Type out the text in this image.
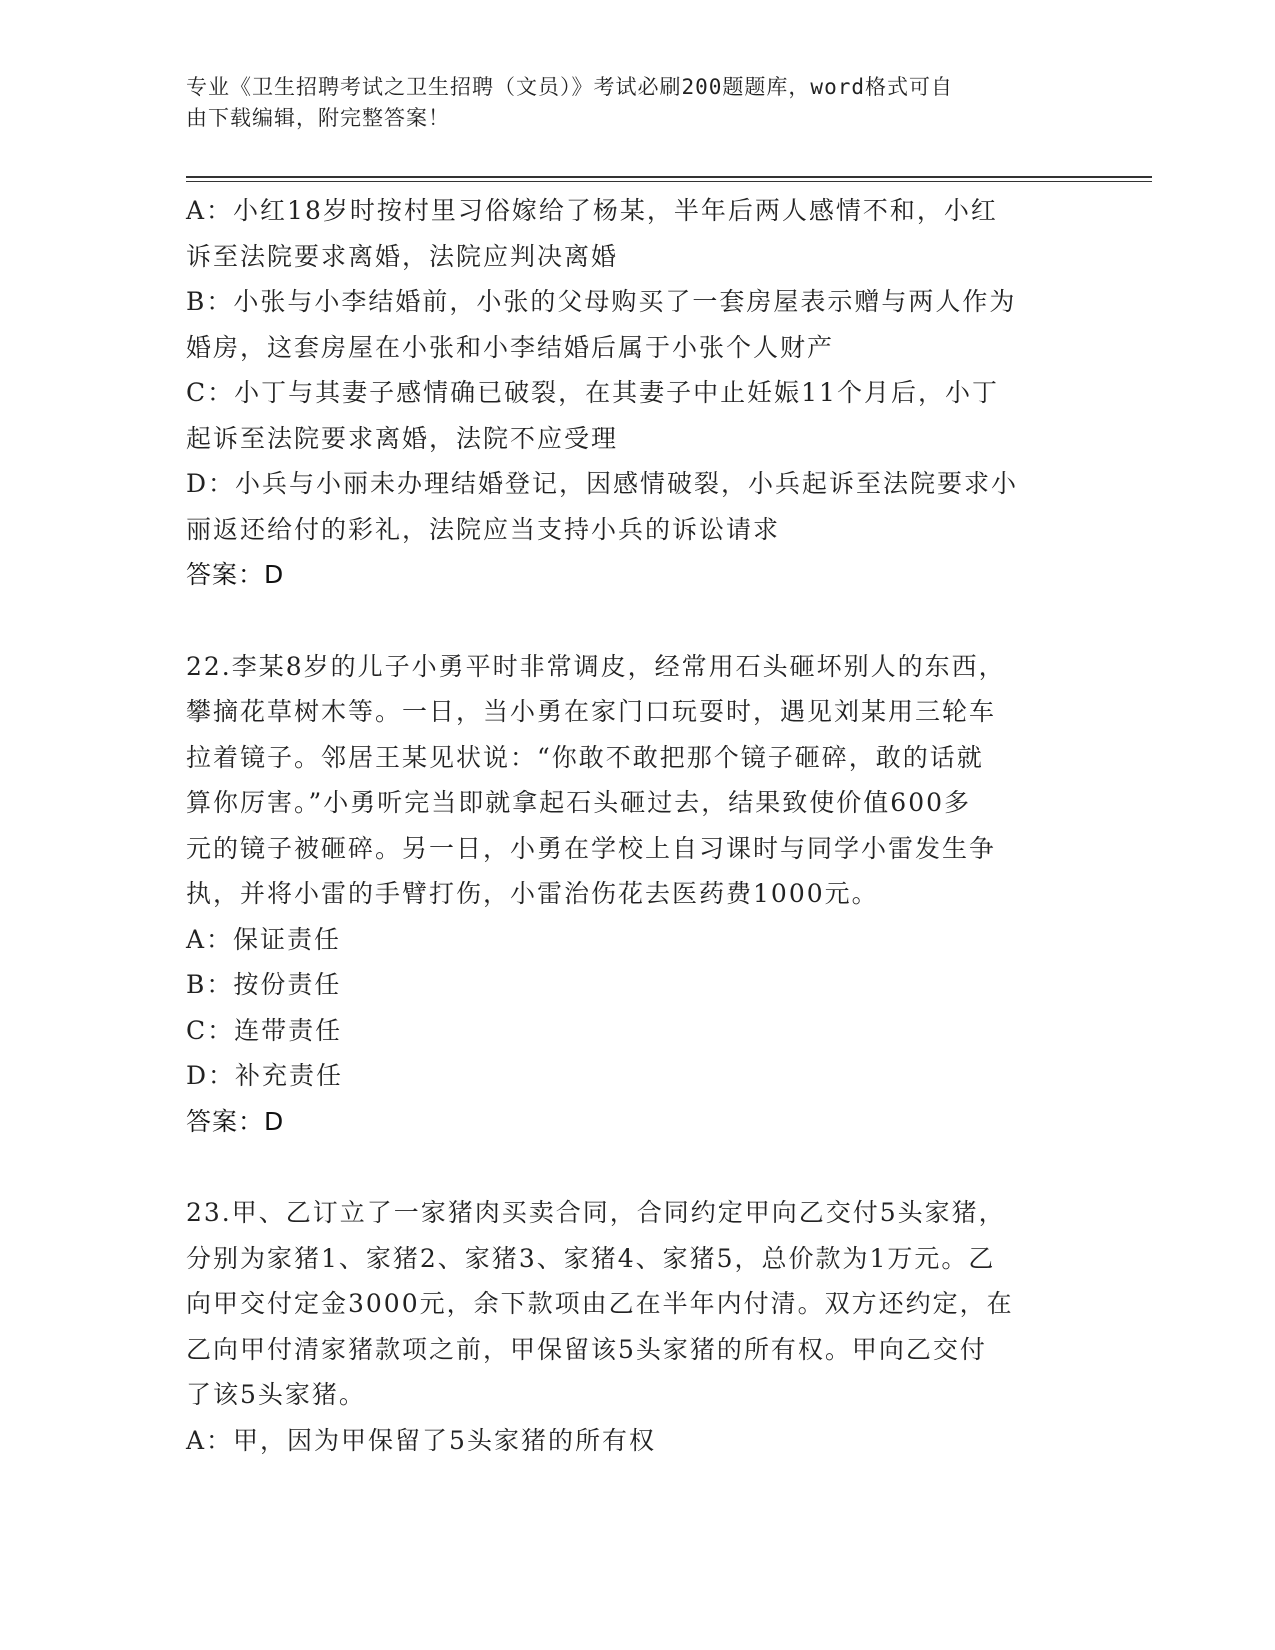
专业《卫生招聘考试之卫生招聘（文员）》考试必刷200题题库，word格式可自
由下载编辑，附完整答案！
A：小红18岁时按村里习俗嫁给了杨某，半年后两人感情不和，小红
诉至法院要求离婚，法院应判决离婚
B：小张与小李结婚前，小张的父母购买了一套房屋表示赠与两人作为
婚房，这套房屋在小张和小李结婚后属于小张个人财产
C：小丁与其妻子感情确已破裂，在其妻子中止妊娠11个月后，小丁
起诉至法院要求离婚，法院不应受理
D：小兵与小丽未办理结婚登记，因感情破裂，小兵起诉至法院要求小
丽返还给付的彩礼，法院应当支持小兵的诉讼请求
答案：D
22.李某8岁的儿子小勇平时非常调皮，经常用石头砸坏别人的东西，
攀摘花草树木等。一日，当小勇在家门口玩耍时，遇见刘某用三轮车
拉着镜子。邻居王某见状说：“你敢不敢把那个镜子砸碎，敢的话就
算你厉害。”小勇听完当即就拿起石头砸过去，结果致使价值600多
元的镜子被砸碎。另一日，小勇在学校上自习课时与同学小雷发生争
执，并将小雷的手臂打伤，小雷治伤花去医药费1000元。
A：保证责任
B：按份责任
C：连带责任
D：补充责任
答案：D
23.甲、乙订立了一家猪肉买卖合同，合同约定甲向乙交付5头家猪，
分别为家猪1、家猪2、家猪3、家猪4、家猪5，总价款为1万元。乙
向甲交付定金3000元，余下款项由乙在半年内付清。双方还约定，在
乙向甲付清家猪款项之前，甲保留该5头家猪的所有权。甲向乙交付
了该5头家猪。
A：甲，因为甲保留了5头家猪的所有权
